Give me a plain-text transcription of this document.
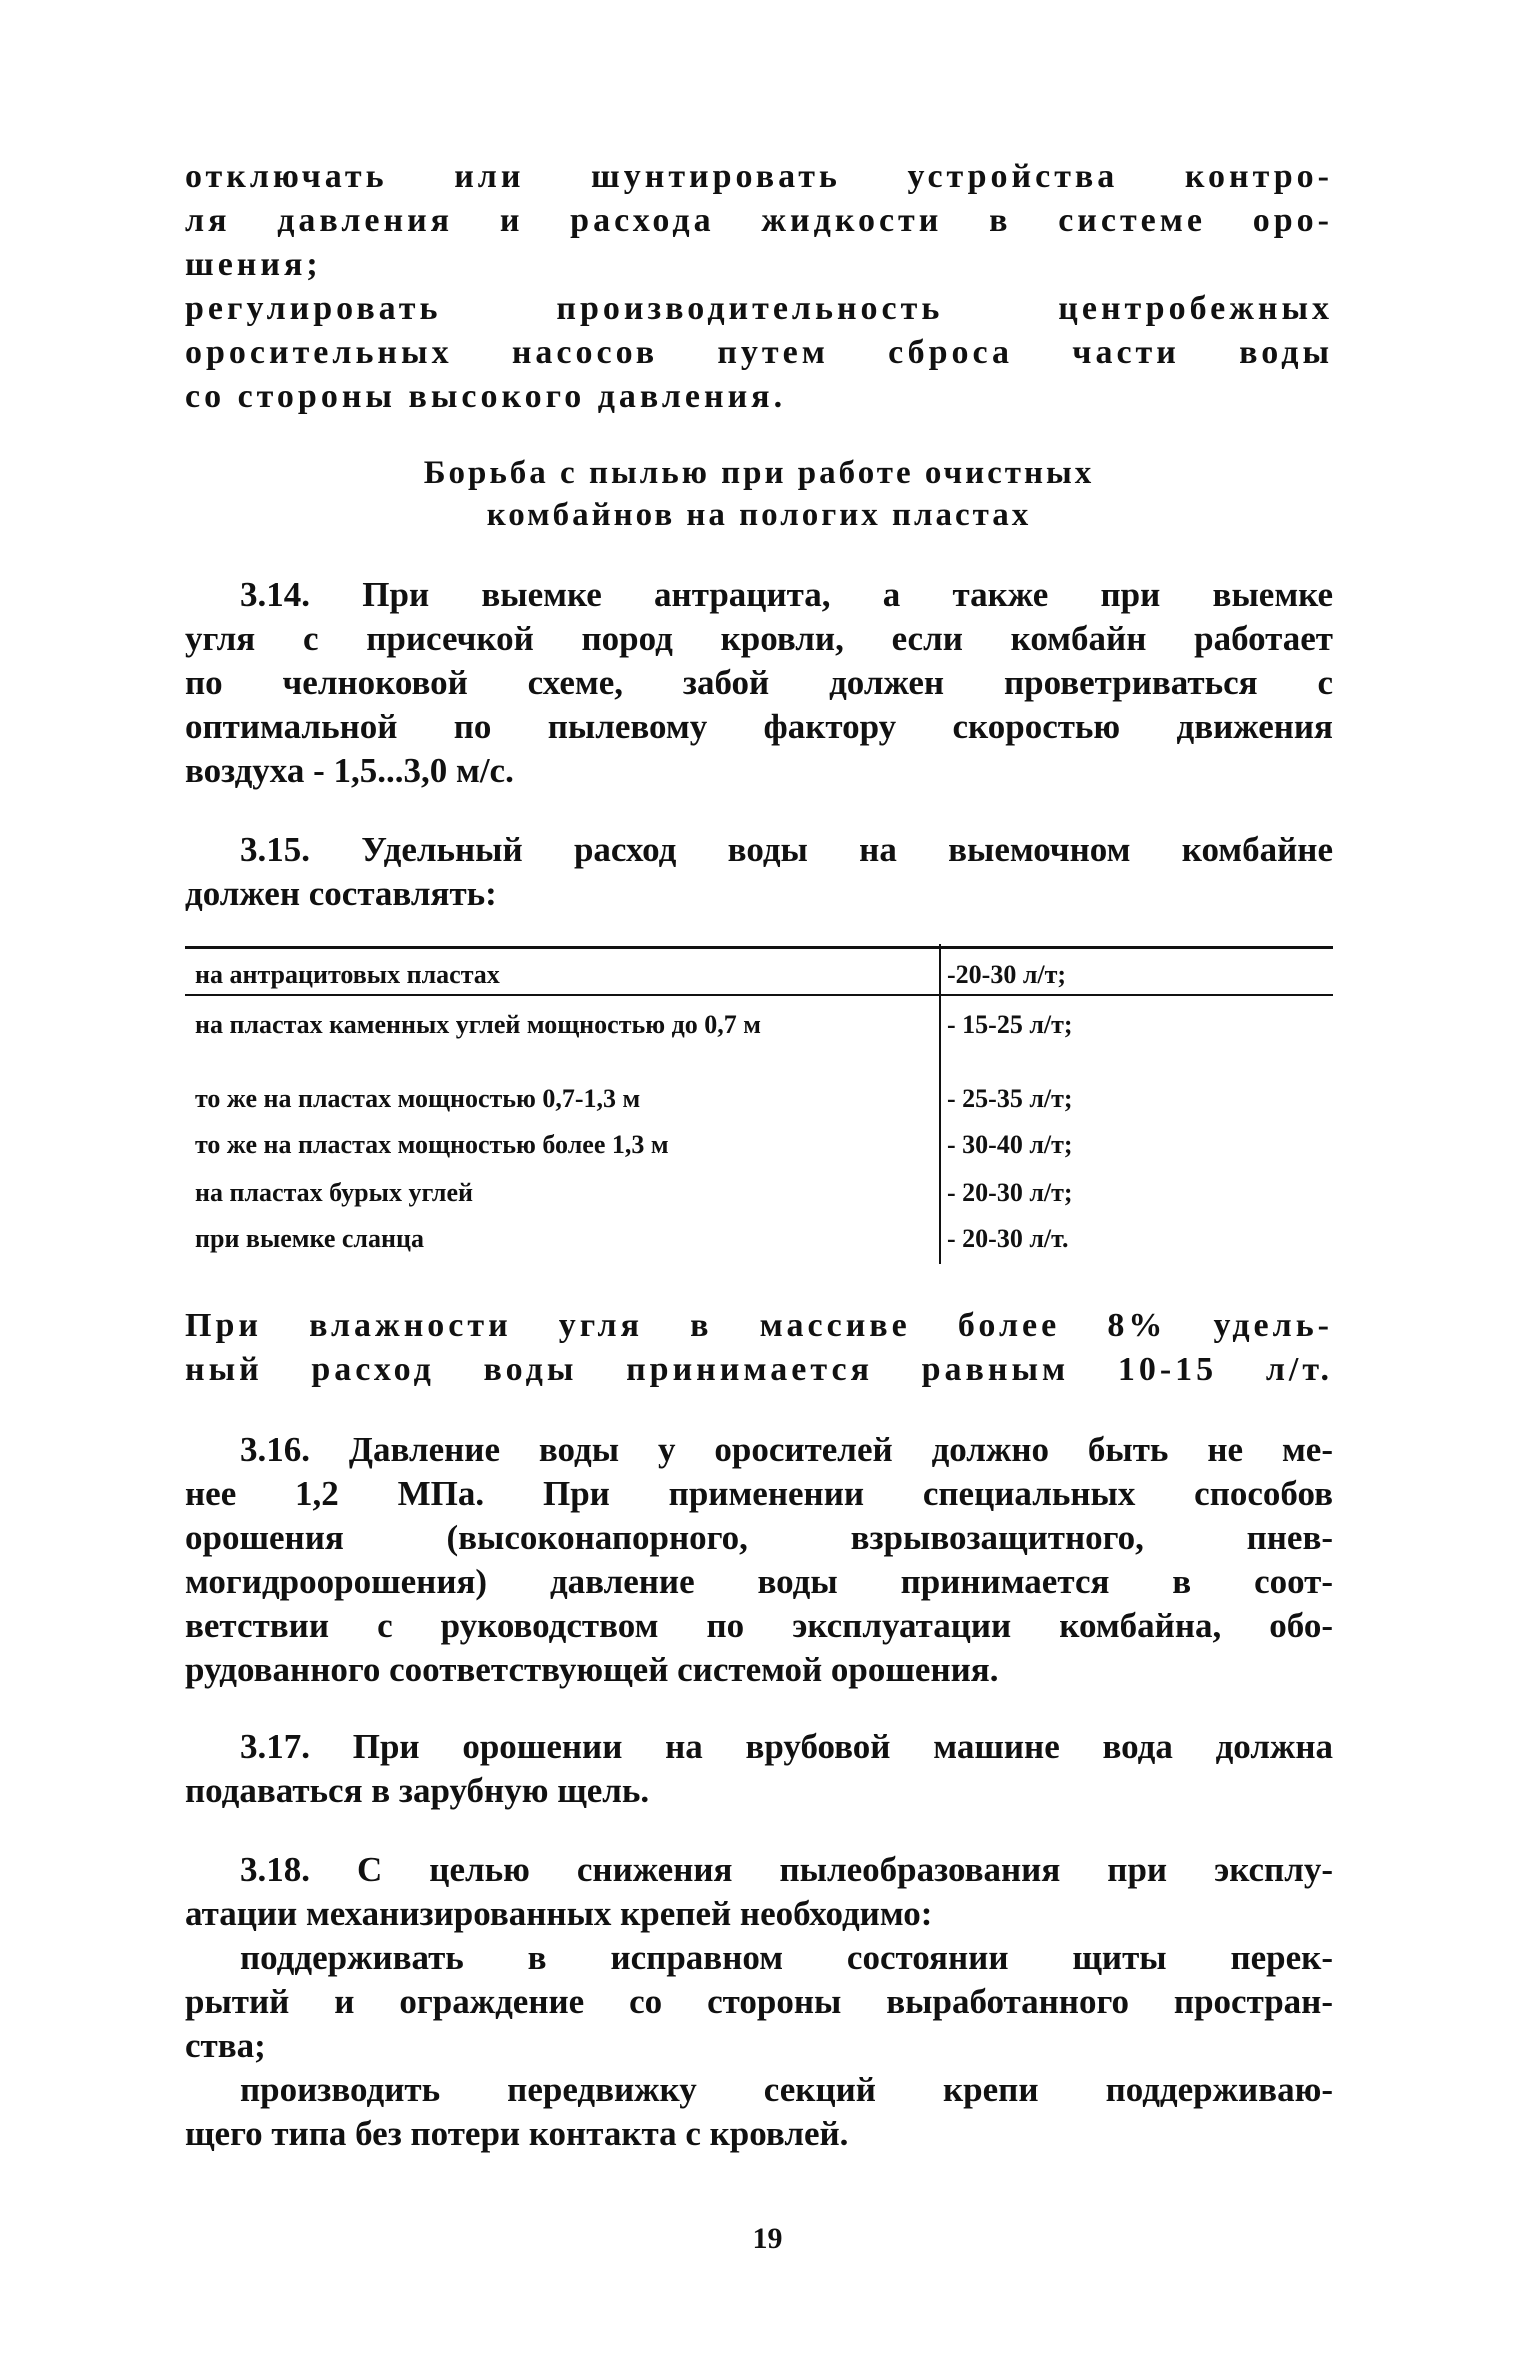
отключать или шунтировать устройства контро-
ля давления и расхода жидкости в системе оро-
шения;
регулировать производительность центробежных
оросительных насосов путем сброса части воды
со стороны высокого давления.
Борьба с пылью при работе очистных
комбайнов на пологих пластах
3.14. При выемке антрацита, а также при выемке
угля с присечкой пород кровли, если комбайн работает
по челноковой схеме, забой должен проветриваться с
оптимальной по пылевому фактору скоростью движения
воздуха - 1,5...3,0 м/с.
3.15. Удельный расход воды на выемочном комбайне
должен составлять:
на антрацитовых пластах	-20-30 л/т;
на пластах каменных углей мощностью до 0,7 м	- 15-25 л/т;
то же на пластах мощностью 0,7-1,3 м	- 25-35 л/т;
то же на пластах мощностью более 1,3 м	- 30-40 л/т;
на пластах бурых углей	- 20-30 л/т;
при выемке сланца	- 20-30 л/т.
При влажности угля в массиве более 8% удель-
ный расход воды принимается равным 10-15 л/т.
3.16. Давление воды у оросителей должно быть не ме-
нее 1,2 МПа. При применении специальных способов
орошения (высоконапорного, взрывозащитного, пнев-
могидроорошения) давление воды принимается в соот-
ветствии с руководством по эксплуатации комбайна, обо-
рудованного соответствующей системой орошения.
3.17. При орошении на врубовой машине вода должна
подаваться в зарубную щель.
3.18. С целью снижения пылеобразования при эксплу-
атации механизированных крепей необходимо:
поддерживать в исправном состоянии щиты перек-
рытий и ограждение со стороны выработанного простран-
ства;
производить передвижку секций крепи поддерживаю-
щего типа без потери контакта с кровлей.
19
